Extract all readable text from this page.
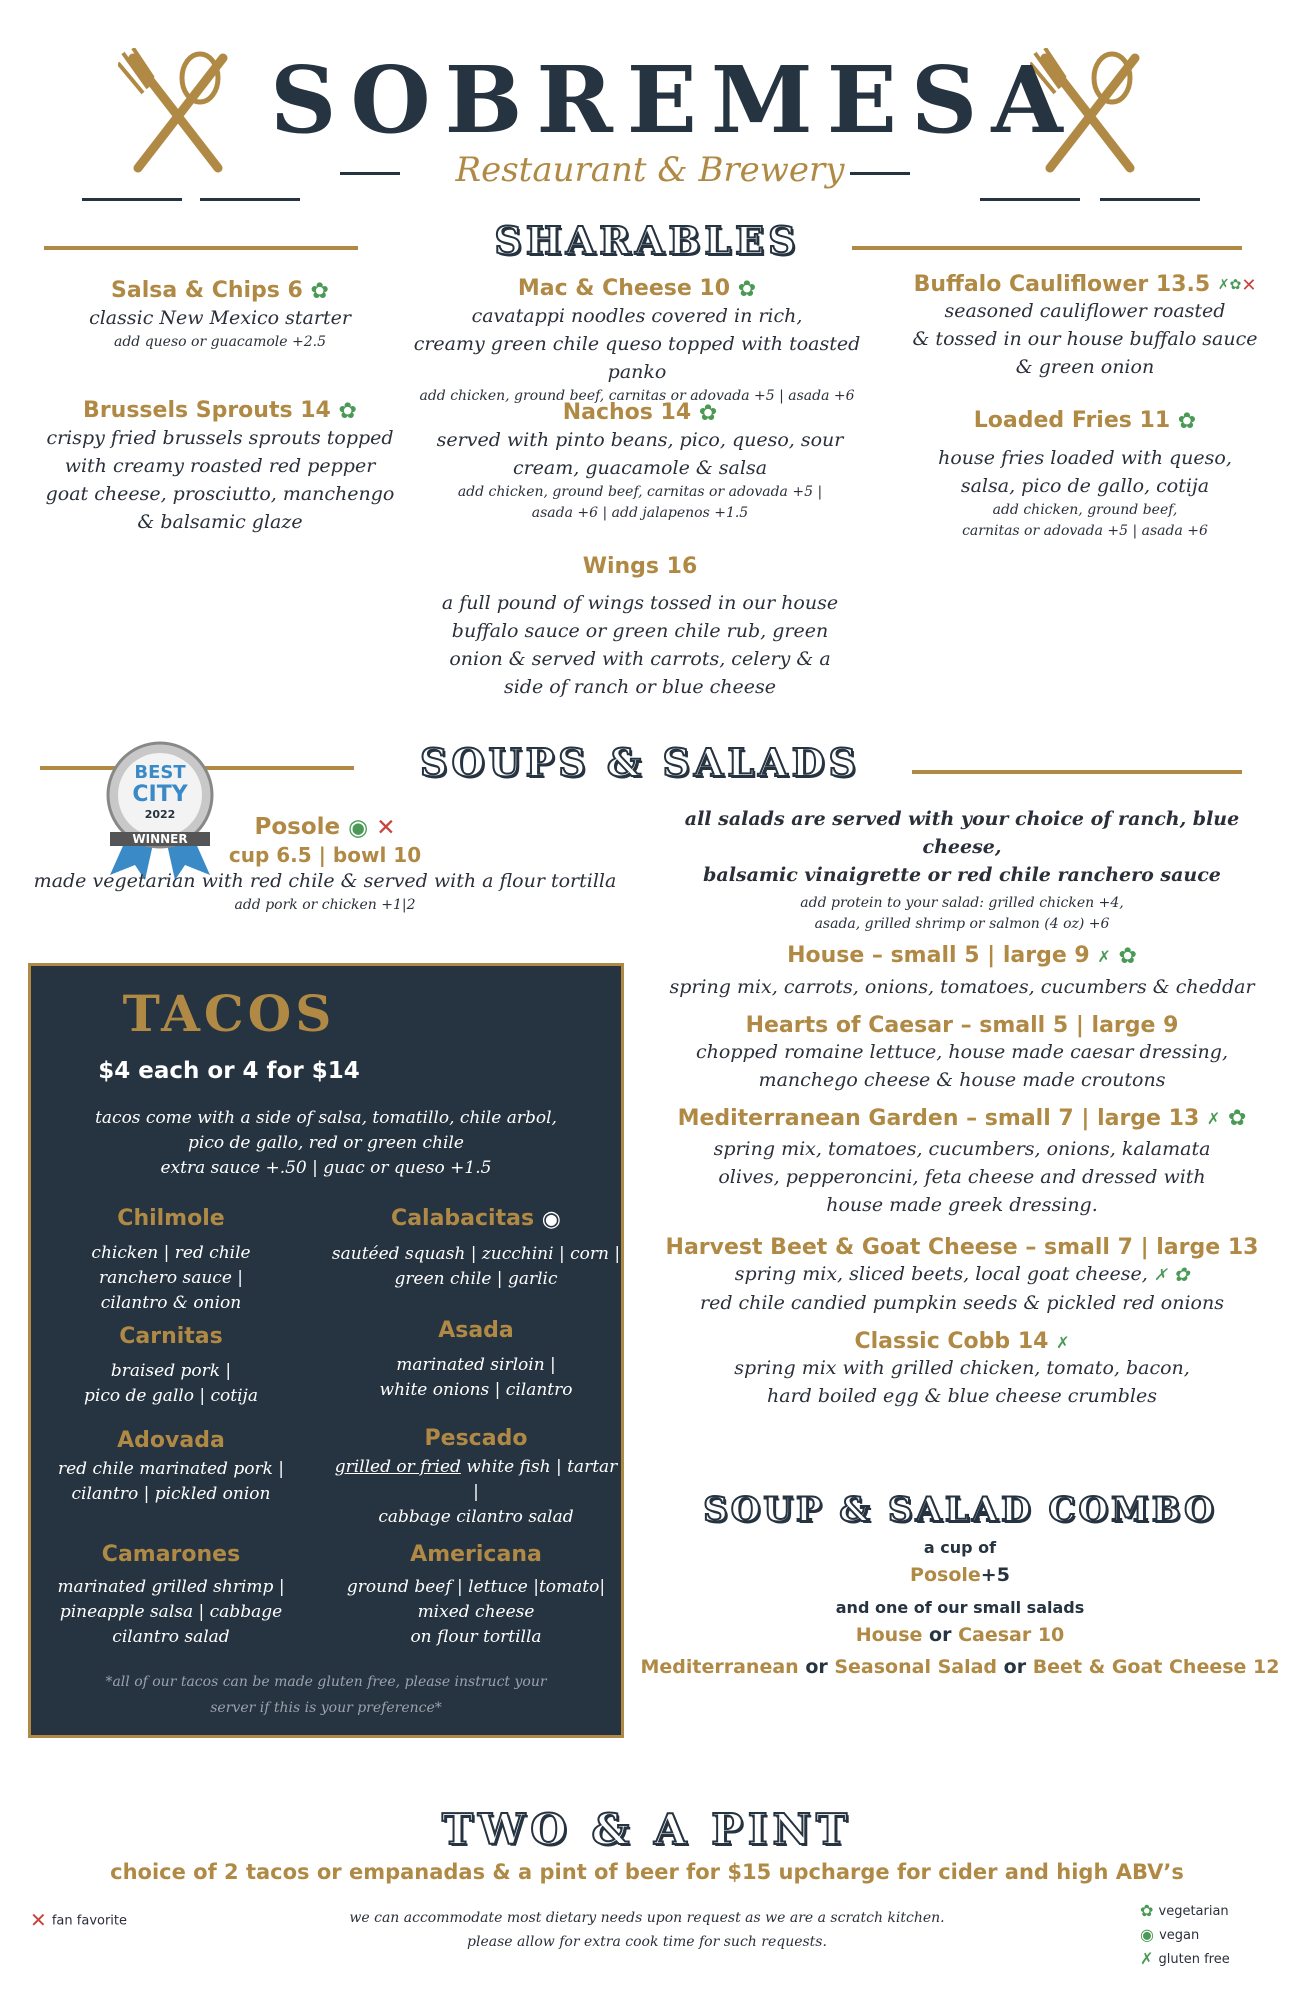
SOBREMESA
Restaurant & Brewery
SHARABLES
Salsa & Chips 6 ✿
classic New Mexico starter
add queso or guacamole +2.5
Brussels Sprouts 14 ✿
crispy fried brussels sprouts topped
with creamy roasted red pepper
goat cheese, prosciutto, manchengo
& balsamic glaze
Mac & Cheese 10 ✿
cavatappi noodles covered in rich,
creamy green chile queso topped with toasted panko
add chicken, ground beef, carnitas or adovada +5 | asada +6
Nachos 14 ✿
served with pinto beans, pico, queso, sour
cream, guacamole & salsa
add chicken, ground beef, carnitas or adovada +5 |
asada +6 | add jalapenos +1.5
Wings 16
a full pound of wings tossed in our house
buffalo sauce or green chile rub, green
onion & served with carrots, celery & a
side of ranch or blue cheese
Buffalo Cauliflower 13.5 ✗✿✕
seasoned cauliflower roasted
& tossed in our house buffalo sauce
& green onion
Loaded Fries 11 ✿
house fries loaded with queso,
salsa, pico de gallo, cotija
add chicken, ground beef,
carnitas or adovada +5 | asada +6
SOUPS & SALADS
BEST
CITY
2022
WINNER	Posole ◉ ✕
cup 6.5 | bowl 10
made vegetarian with red chile & served with a flour tortilla
add pork or chicken +1|2
all salads are served with your choice of ranch, blue cheese,
balsamic vinaigrette or red chile ranchero sauce
add protein to your salad: grilled chicken +4,
asada, grilled shrimp or salmon (4 oz) +6
House – small 5 | large 9 ✗ ✿
spring mix, carrots, onions, tomatoes, cucumbers & cheddar
Hearts of Caesar – small 5 | large 9
chopped romaine lettuce, house made caesar dressing,
manchego cheese & house made croutons
Mediterranean Garden – small 7 | large 13 ✗ ✿
spring mix, tomatoes, cucumbers, onions, kalamata
olives, pepperoncini, feta cheese and dressed with
house made greek dressing.
Harvest Beet & Goat Cheese – small 7 | large 13
spring mix, sliced beets, local goat cheese, ✗ ✿
red chile candied pumpkin seeds & pickled red onions
Classic Cobb 14 ✗
spring mix with grilled chicken, tomato, bacon,
hard boiled egg & blue cheese crumbles
TACOS
$4 each or 4 for $14
tacos come with a side of salsa, tomatillo, chile arbol,
pico de gallo, red or green chile
extra sauce +.50 | guac or queso +1.5
Chilmole
chicken | red chile
ranchero sauce |
cilantro & onion
Carnitas
braised pork |
pico de gallo | cotija
Adovada
red chile marinated pork |
cilantro | pickled onion
Camarones
marinated grilled shrimp |
pineapple salsa | cabbage
cilantro salad
Calabacitas ◉
sautéed squash | zucchini | corn |
green chile | garlic
Asada
marinated sirloin |
white onions | cilantro
Pescado
grilled or fried white fish | tartar |
cabbage cilantro salad
Americana
ground beef | lettuce |tomato|
mixed cheese
on flour tortilla
*all of our tacos can be made gluten free, please instruct your
server if this is your preference*
SOUP & SALAD COMBO
a cup of
Posole+5
and one of our small salads
House or Caesar 10
Mediterranean or Seasonal Salad or Beet & Goat Cheese 12
TWO & A PINT
choice of 2 tacos or empanadas & a pint of beer for $15 upcharge for cider and high ABV’s
✕ fan favorite	we can accommodate most dietary needs upon request as we are a scratch kitchen.
please allow for extra cook time for such requests.
✿ vegetarian
◉ vegan
✗ gluten free
